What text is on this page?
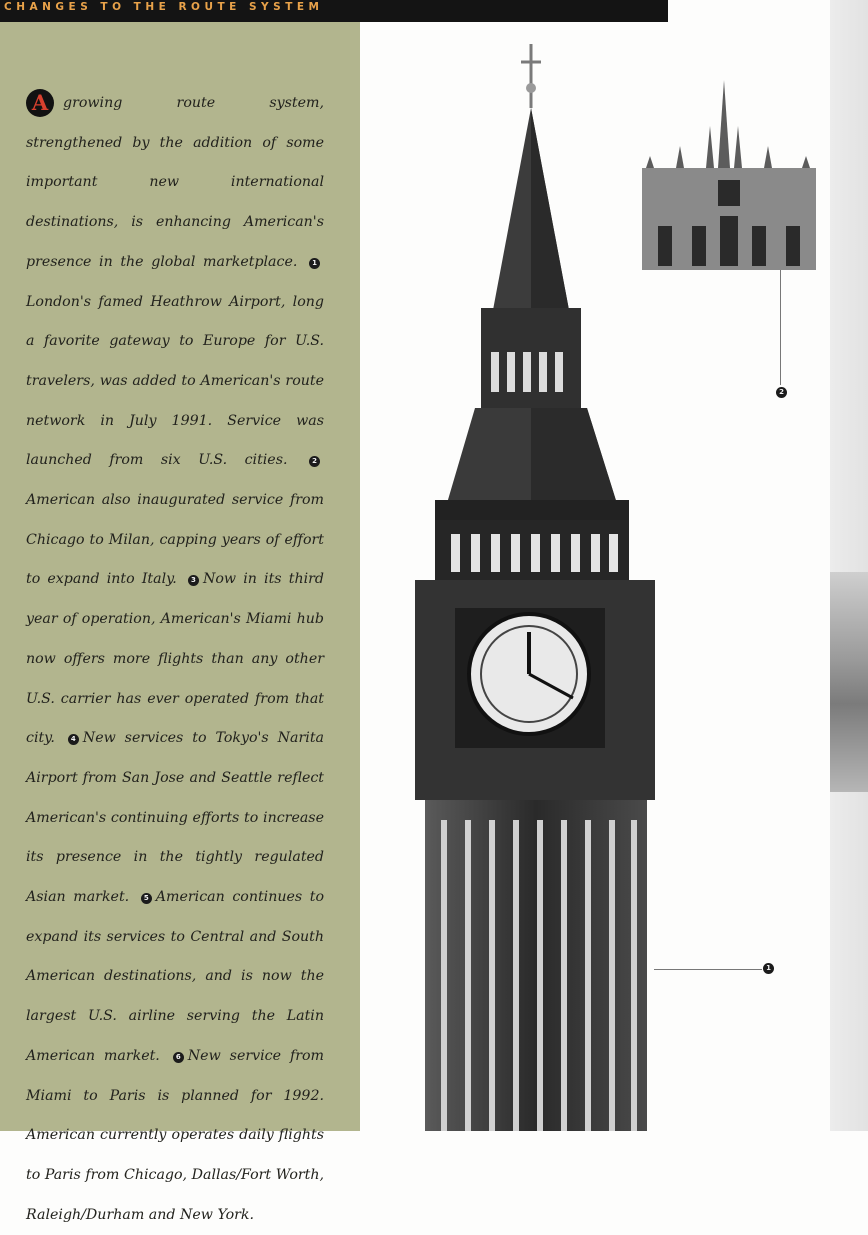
CHANGES TO THE ROUTE SYSTEM

A	growing route system, strengthened by the addition of some important new international destinations, is enhancing American's presence in the global marketplace. 1London's famed Heathrow Airport, long a favorite gateway to Europe for U.S. travelers, was added to American's route network in July 1991. Service was launched from six U.S. cities.	2American also inaugurated service from Chicago to Milan, capping years of effort to expand into Italy. 3 Now in its third year of operation, American's Miami hub now offers more flights than any other U.S. carrier has ever operated from that city. 4 New services to Tokyo's Narita Airport from San Jose and Seattle reflect American's continuing efforts to increase its presence in the tightly regulated Asian market. 5 American continues to expand its services to Central and South American destinations, and is now the largest U.S. airline serving the Latin American market. 6 New service from Miami to Paris is planned for 1992. American currently operates daily flights to Paris from Chicago, Dallas/Fort Worth, Raleigh/Durham and New York.

2
1
